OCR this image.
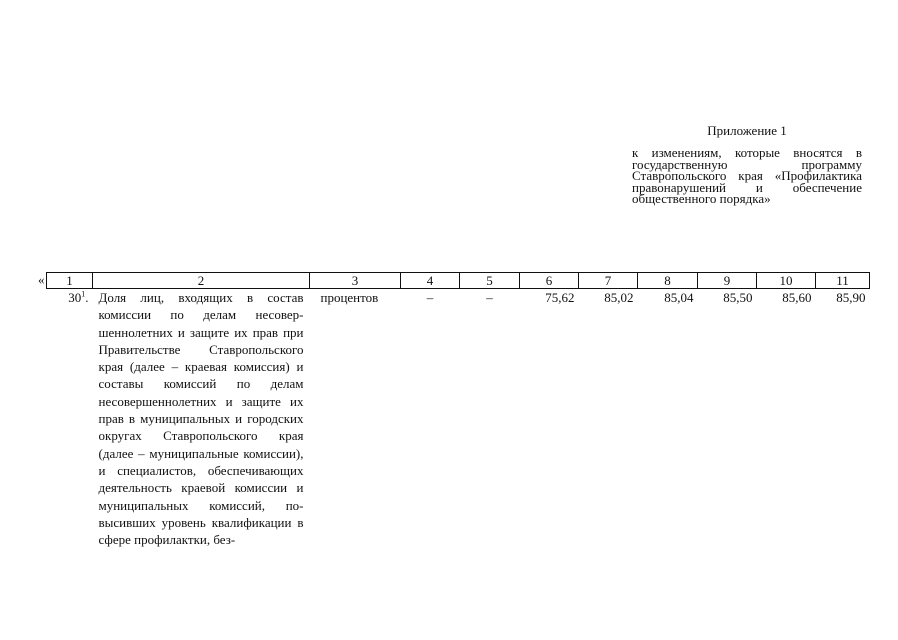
Приложение 1
к изменениям, которые вносятся в государственную программу Ставропольского края «Профилактика правонарушений и обеспечение общественного порядка»
« 1	2	3	4	5	6	7	8	9	10	11
$30^1$.	Доля лиц, входящих в состав комиссии по делам несовершеннолетних и защите их прав при Правительстве Ставропольского края (далее – краевая комиссия) и составы комиссий по делам несовершеннолетних и защите их прав в муниципальных и городских округах Ставропольского края (далее – муниципальные комиссии), и специалистов, обеспечивающих деятельность краевой комиссии и муниципальных комиссий, повысивших уровень квалификации в сфере профилактки, без-	процентов	–	–	75,62	85,02	85,04	85,50	85,60	85,90
